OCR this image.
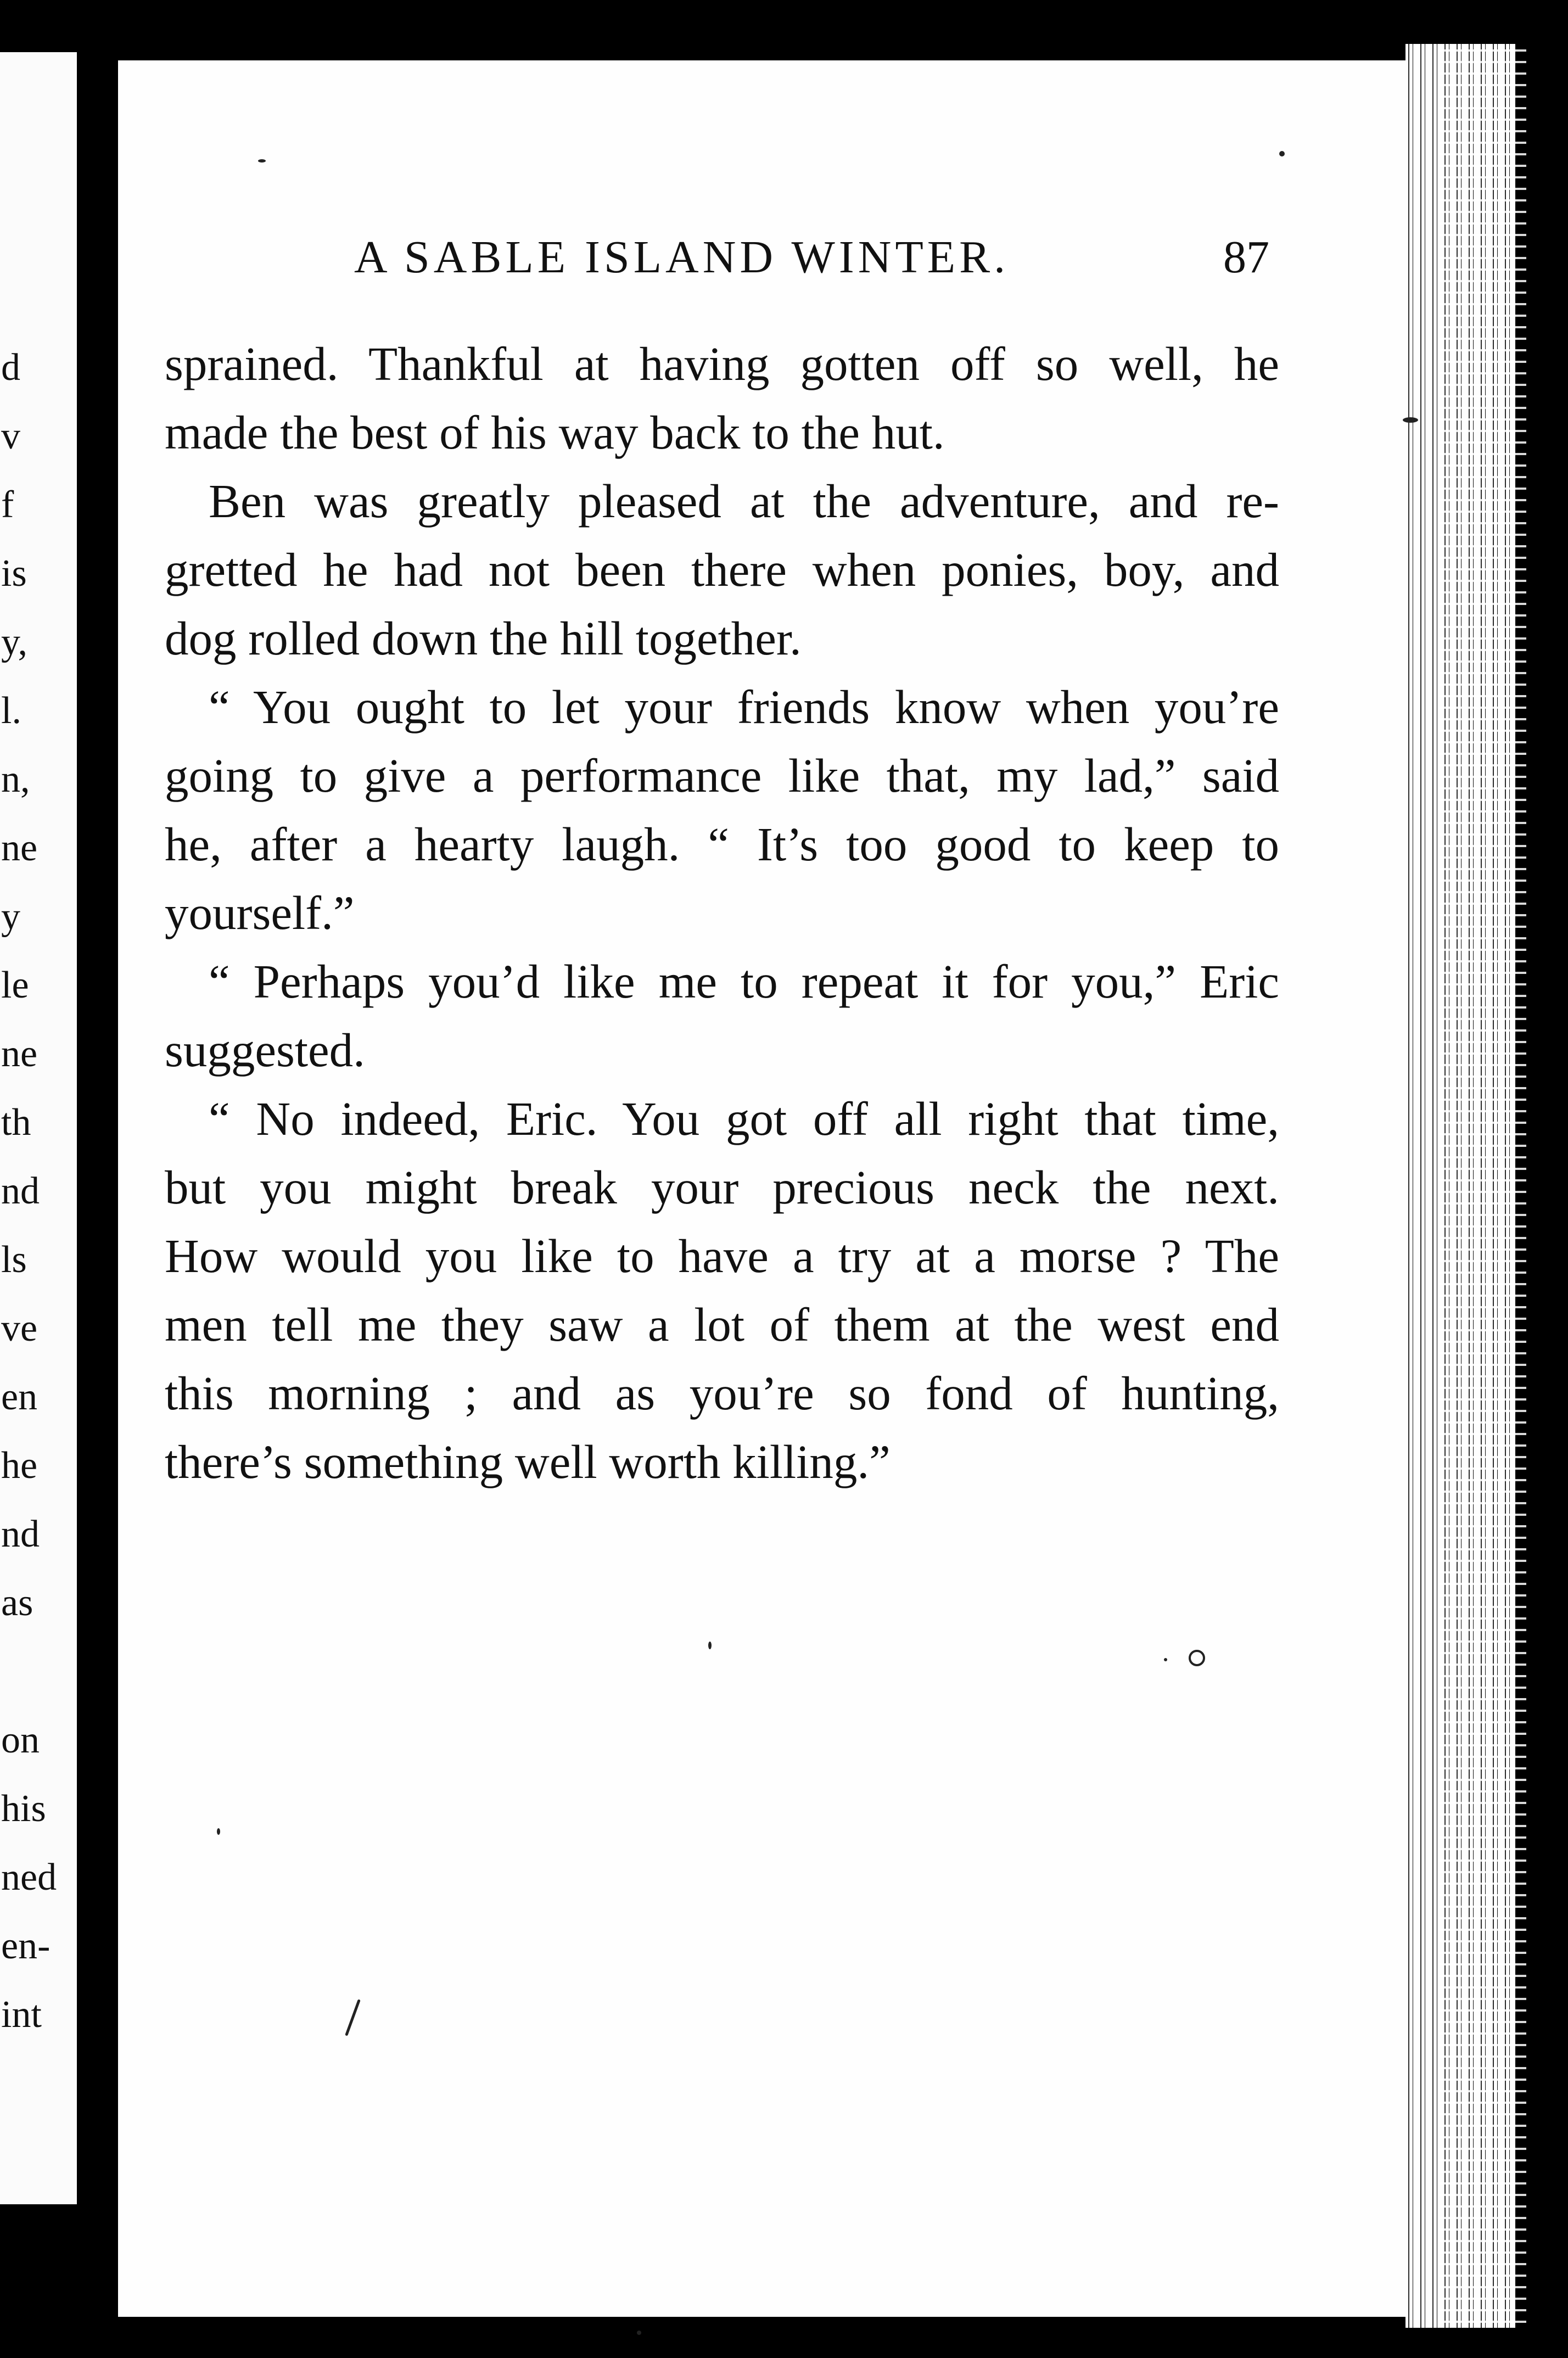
d
v
f
is
y,
l.
n,
ne
y
le
ne
th
nd
ls
ve
en
he
nd
as
on
his
ned
en-
int
A SABLE ISLAND WINTER.	87
sprained. Thankful at having gotten off so well, he
made the best of his way back to the hut.
Ben was greatly pleased at the adventure, and re-
gretted he had not been there when ponies, boy, and
dog rolled down the hill together.
“ You ought to let your friends know when you’re
going to give a performance like that, my lad,” said
he, after a hearty laugh. “ It’s too good to keep to
yourself.”
“ Perhaps you’d like me to repeat it for you,” Eric
suggested.
“ No indeed, Eric. You got off all right that time,
but you might break your precious neck the next.
How would you like to have a try at a morse ? The
men tell me they saw a lot of them at the west end
this morning ; and as you’re so fond of hunting,
there’s something well worth killing.”
